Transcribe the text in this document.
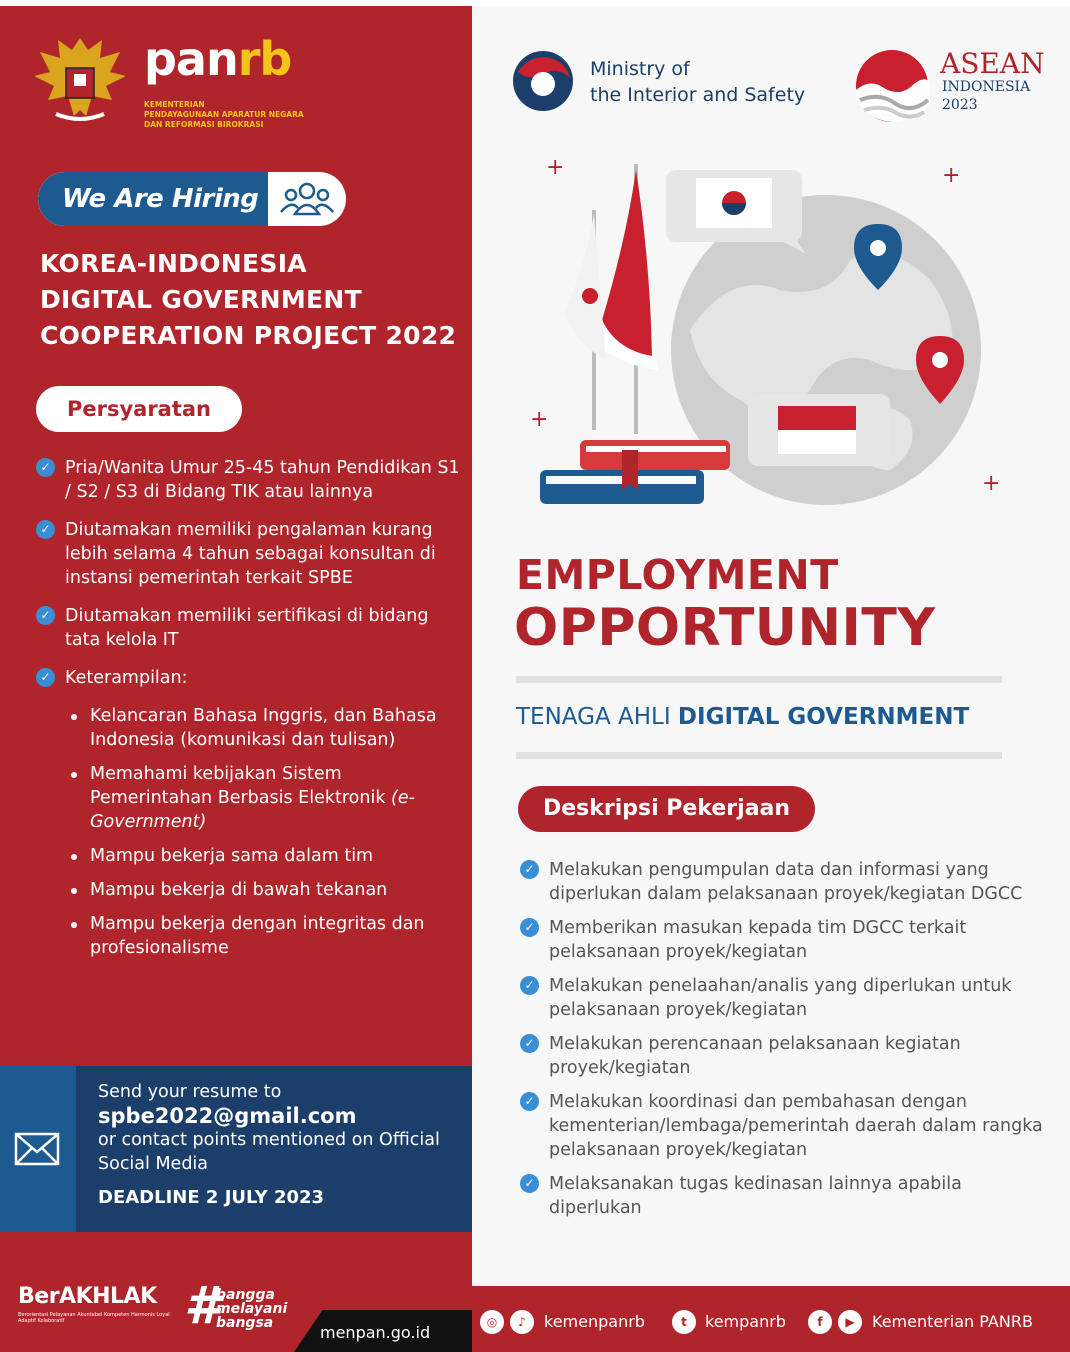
panrb
KEMENTERIAN
PENDAYAGUNAAN APARATUR NEGARA
DAN REFORMASI BIROKRASI
We Are Hiring
KOREA-INDONESIA
DIGITAL GOVERNMENT
COOPERATION PROJECT 2022
Persyaratan
✓ Pria/Wanita Umur 25-45 tahun Pendidikan S1 / S2 / S3 di Bidang TIK atau lainnya
✓ Diutamakan memiliki pengalaman kurang lebih selama 4 tahun sebagai konsultan di instansi pemerintah terkait SPBE
✓ Diutamakan memiliki sertifikasi di bidang tata kelola IT
✓ Keterampilan:
Kelancaran Bahasa Inggris, dan Bahasa Indonesia (komunikasi dan tulisan)
Memahami kebijakan Sistem Pemerintahan Berbasis Elektronik (e-Government)
Mampu bekerja sama dalam tim
Mampu bekerja di bawah tekanan
Mampu bekerja dengan integritas dan profesionalisme
Send your resume to
spbe2022@gmail.com
or contact points mentioned on Official Social Media
DEADLINE 2 JULY 2023
BerAKHLAK
Berorientasi Pelayanan Akuntabel Kompeten Harmonis Loyal Adaptif Kolaboratif	#
bangga
melayani
bangsa	menpan.go.id
Ministry of
the Interior and Safety
ASEAN
INDONESIA
2023
+	+
+
+
EMPLOYMENT
OPPORTUNITY
TENAGA AHLI DIGITAL GOVERNMENT
Deskripsi Pekerjaan
✓ Melakukan pengumpulan data dan informasi yang diperlukan dalam pelaksanaan proyek/kegiatan DGCC
✓ Memberikan masukan kepada tim DGCC terkait pelaksanaan proyek/kegiatan
✓ Melakukan penelaahan/analis yang diperlukan untuk pelaksanaan proyek/kegiatan
✓ Melakukan perencanaan pelaksanaan kegiatan proyek/kegiatan
✓ Melakukan koordinasi dan pembahasan dengan kementerian/lembaga/pemerintah daerah dalam rangka pelaksanaan proyek/kegiatan
✓ Melaksanakan tugas kedinasan lainnya apabila diperlukan
◎	♪	kemenpanrb	t	kempanrb	f	▶	Kementerian PANRB
